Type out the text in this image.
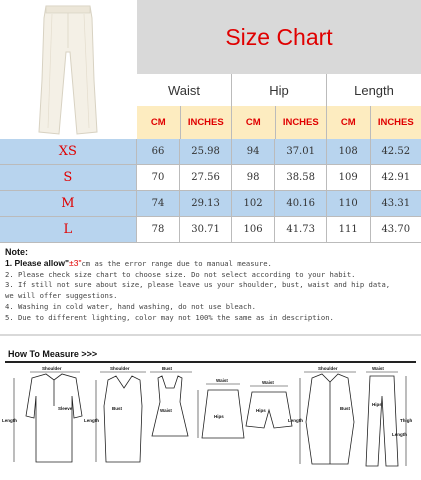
Size Chart
Waist	Hip	Length
CM	INCHES	CM	INCHES	CM	INCHES
XS	66	25.98	94	37.01	108	42.52
S	70	27.56	98	38.58	109	42.91
M	74	29.13	102	40.16	110	43.31
L	78	30.71	106	41.73	111	43.70
Note:
1. Please allow"±3"cm as the error range due to manual measure.
2. Please check size chart to choose size. Do not select according to your habit.
3. If still not sure about size, please leave us your shoulder, bust, waist and hip data,
we will offer suggestions.
4. Washing in cold water, hand washing, do not use bleach.
5. Due to different lighting, color may not 100% the same as in description.
How To Measure >>>
Shoulder	Shoulder	Bust
Waist	Waist
Shoulder	Waist
Length	Length
Sleeve	Bust	Waist
Hips
Hips
Length
Bust
Hips
Thigh
Length
